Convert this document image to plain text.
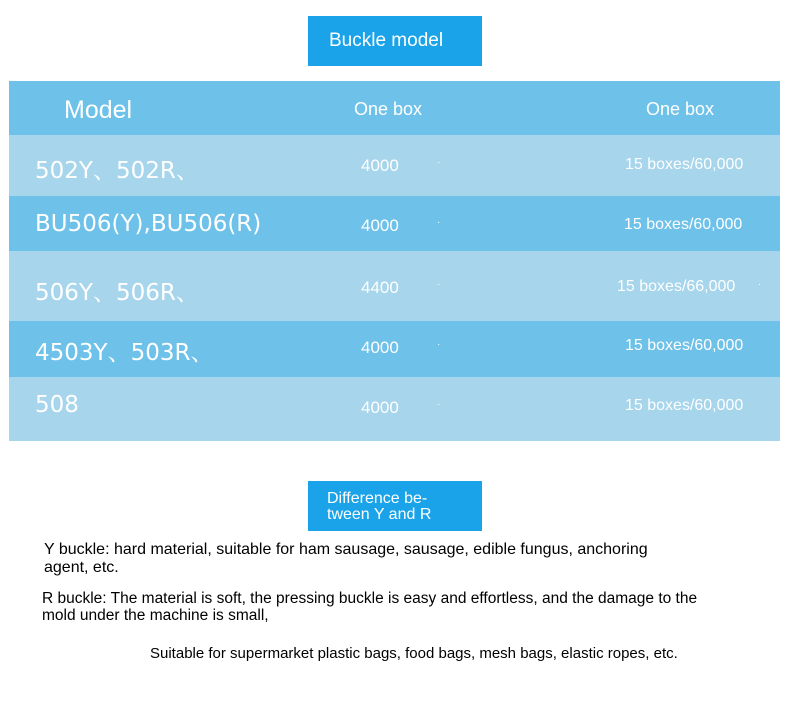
Buckle model
Model	One box	One box
502Y、502R、	4000	·	15 boxes/60,000
BU506(Y),BU506(R)	4000	·	15 boxes/60,000
506Y、506R、	4400	·	15 boxes/66,000 ·
4503Y、503R、	4000	·	15 boxes/60,000
508	4000	·	15 boxes/60,000
Difference be-
tween Y and R
Y buckle: hard material, suitable for ham sausage, sausage, edible fungus, anchoring
agent, etc.
R buckle: The material is soft, the pressing buckle is easy and effortless, and the damage to the
mold under the machine is small,
Suitable for supermarket plastic bags, food bags, mesh bags, elastic ropes, etc.
